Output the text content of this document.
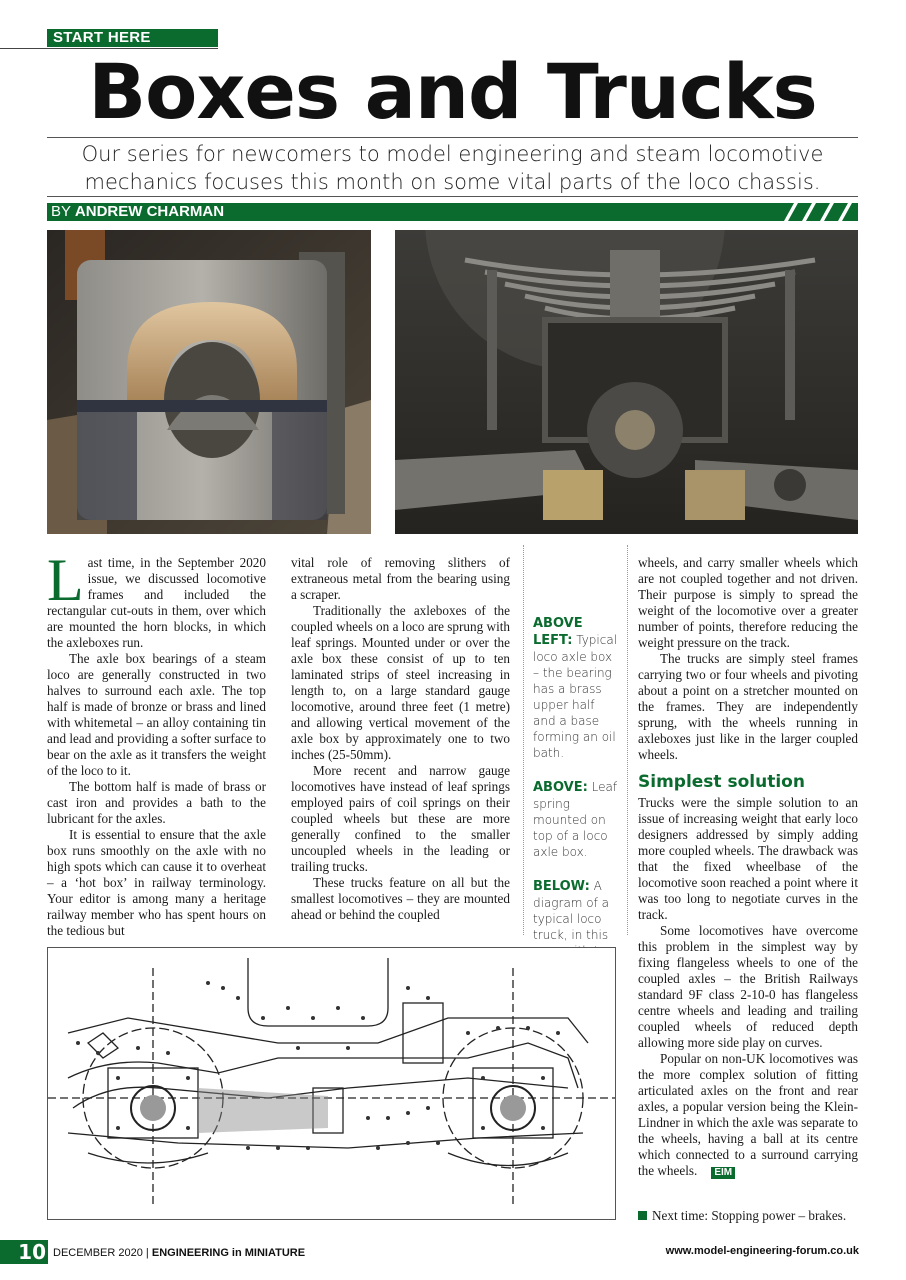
START HERE
Boxes and Trucks

Our series for newcomers to model engineering and steam locomotive mechanics focuses this month on some vital parts of the loco chassis.

BY ANDREW CHARMAN

Last time, in the September 2020 issue, we discussed locomotive frames and included the rectangular cut-outs in them, over which are mounted the horn blocks, in which the axleboxes run.

The axle box bearings of a steam loco are generally constructed in two halves to surround each axle. The top half is made of bronze or brass and lined with whitemetal – an alloy containing tin and lead and providing a softer surface to bear on the axle as it transfers the weight of the loco to it.

The bottom half is made of brass or cast iron and provides a bath to the lubricant for the axles.

It is essential to ensure that the axle box runs smoothly on the axle with no high spots which can cause it to overheat – a ‘hot box’ in railway terminology. Your editor is among many a heritage railway member who has spent hours on the tedious but

vital role of removing slithers of extraneous metal from the bearing using a scraper.

Traditionally the axleboxes of the coupled wheels on a loco are sprung with leaf springs. Mounted under or over the axle box these consist of up to ten laminated strips of steel increasing in length to, on a large standard gauge locomotive, around three feet (1 metre) and allowing vertical movement of the axle box by approximately one to two inches (25-50mm).

More recent and narrow gauge locomotives have instead of leaf springs employed pairs of coil springs on their coupled wheels but these are more generally confined to the smaller uncoupled wheels in the leading or trailing trucks.

These trucks feature on all but the smallest locomotives – they are mounted ahead or behind the coupled

ABOVE LEFT: Typical loco axle box – the bearing has a brass upper half and a base forming an oil bath.
ABOVE: Leaf spring mounted on top of a loco axle box.
BELOW: A diagram of a typical loco truck, in this

wheels, and carry smaller wheels which are not coupled together and not driven. Their purpose is simply to spread the weight of the locomotive over a greater number of points, therefore reducing the weight pressure on the track.

The trucks are simply steel frames carrying two or four wheels and pivoting about a point on a stretcher mounted on the frames. They are independently sprung, with the wheels running in axleboxes just like in the larger coupled wheels.

Simplest solution

Trucks were the simple solution to an issue of increasing weight that early loco designers addressed by simply adding more coupled wheels. The drawback was that the fixed wheelbase of the locomotive soon reached a point where it was too long to negotiate curves in the track.

Some locomotives have overcome this problem in the simplest way by fixing flangeless wheels to one of the coupled axles – the British Railways standard 9F class 2-10-0 has flangeless centre wheels and leading and trailing coupled wheels of reduced depth allowing more side play on curves.

Popular on non-UK locomotives was the more complex solution of fitting articulated axles on the front and rear axles, a popular version being the Klein-Lindner in which the axle was separate to the wheels, having a ball at its centre which connected to a surround carrying the wheels. EIM

Next time: Stopping power – brakes.
10 DECEMBER 2020 | ENGINEERING in MINIATURE	www.model-engineering-forum.co.uk
